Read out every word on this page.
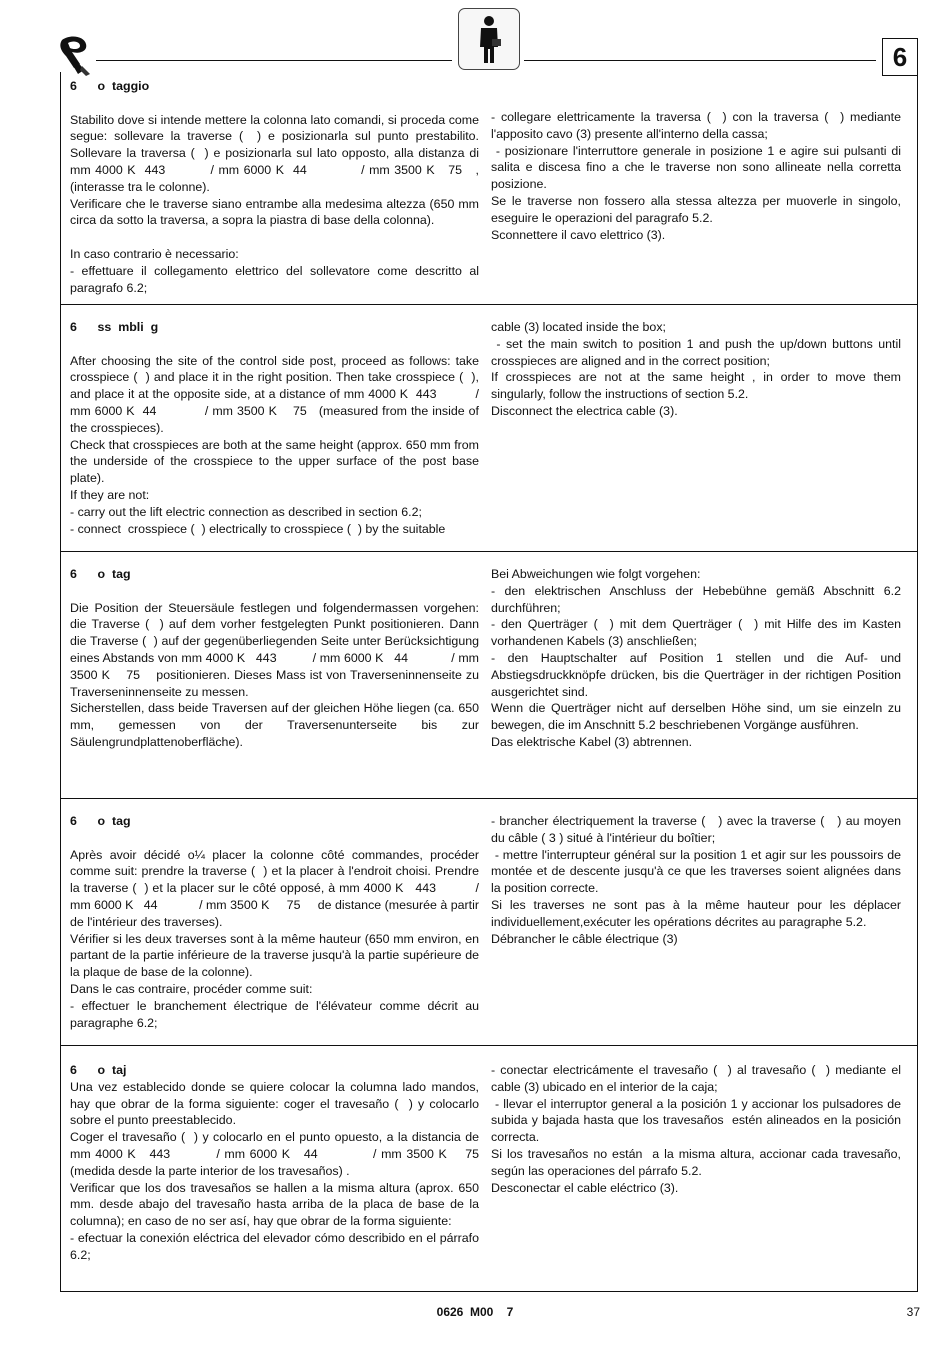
6

6      o  taggio

Stabilito dove si intende mettere la colonna lato comandi, si proceda come segue: sollevare la traverse (  ) e posizionarla sul punto prestabilito. Sollevare la traversa (  ) e posizionarla sul lato opposto, alla distanza di mm 4000 K  443          / mm 6000 K  44            / mm 3500 K   75   , (interasse tra le colonne).

Verificare che le traverse siano entrambe alla medesima altezza (650 mm circa da sotto la traversa, a sopra la piastra di base della colonna).

In caso contrario è necessario:

- effettuare il collegamento elettrico del sollevatore come descritto al paragrafo 6.2;

- collegare elettricamente la traversa (  ) con la traversa (  ) mediante l'apposito cavo (3) presente all'interno della cassa;

- posizionare l'interruttore generale in posizione 1 e agire sui pulsanti di salita e discesa fino a che le traverse non sono allineate nella corretta posizione.

Se le traverse non fossero alla stessa altezza per muoverle in singolo, eseguire le operazioni del paragrafo 5.2.

Sconnettere il cavo elettrico (3).

6      ss  mbli  g

After choosing the site of the control side post, proceed as follows: take crosspiece (  ) and place it in the right position. Then take crosspiece (  ), and place it at the opposite side, at a distance of mm 4000 K  443          / mm 6000 K  44            / mm 3500 K    75   (measured from the inside of the crosspieces).

Check that crosspieces are both at the same height (approx. 650 mm from the underside of the crosspiece to the upper surface of the post base plate).

If they are not:

- carry out the lift electric connection as described in section 6.2;

- connect  crosspiece (  ) electrically to crosspiece (  ) by the suitable

cable (3) located inside the box;

- set the main switch to position 1 and push the up/down buttons until crosspieces are aligned and in the correct position;

If crosspieces are not at the same height , in order to move them singularly, follow the instructions of section 5.2.

Disconnect the electrica cable (3).

6      o  tag

Die Position der Steuersäule festlegen und folgendermassen vorgehen: die Traverse (  ) auf dem vorher festgelegten Punkt positionieren. Dann die Traverse (  ) auf der gegenüberliegenden Seite unter Berücksichtigung eines Abstands von mm 4000 K   443          / mm 6000 K   44            / mm 3500 K    75    positionieren. Dieses Mass ist von Traverseninnenseite zu Traverseninnenseite zu messen.

Sicherstellen, dass beide Traversen auf der gleichen Höhe liegen (ca. 650 mm, gemessen von der Traversenunterseite bis zur Säulengrundplattenoberfläche).

Bei Abweichungen wie folgt vorgehen:

- den elektrischen Anschluss der Hebebühne gemäß Abschnitt 6.2 durchführen;

- den Querträger (  ) mit dem Querträger (  ) mit Hilfe des im Kasten vorhandenen Kabels (3) anschließen;

- den Hauptschalter auf Position 1 stellen und die Auf- und Abstiegsdruckknöpfe drücken, bis die Querträger in der richtigen Position ausgerichtet sind.

Wenn die Querträger nicht auf derselben Höhe sind, um sie einzeln zu bewegen, die im Anschnitt 5.2 beschriebenen Vorgänge ausführen.

Das elektrische Kabel (3) abtrennen.

6      o  tag

Après avoir décidé o¼ placer la colonne côté commandes, procéder comme suit: prendre la traverse (  ) et la placer à l'endroit choisi. Prendre la traverse (  ) et la placer sur le côté opposé, à mm 4000 K   443          / mm 6000 K   44            / mm 3500 K     75     de distance (mesurée à partir de l'intérieur des traverses).

Vérifier si les deux traverses sont à la même hauteur (650 mm environ, en partant de la partie inférieure de la traverse jusqu'à la partie supérieure de la plaque de base de la colonne).

Dans le cas contraire, procéder comme suit:

- effectuer le branchement électrique de l'élévateur comme décrit au paragraphe 6.2;

- brancher électriquement la traverse (   ) avec la traverse (   ) au moyen du câble ( 3 ) situé à l'intérieur du boîtier;

- mettre l'interrupteur général sur la position 1 et agir sur les poussoirs de montée et de descente jusqu'à ce que les traverses soient alignées dans la position correcte.

Si les traverses ne sont pas à la même hauteur pour les déplacer individuellement,exécuter les opérations décrites au paragraphe 5.2.

Débrancher le câble électrique (3)

6      o  taj

Una vez establecido donde se quiere colocar la columna lado mandos, hay que obrar de la forma siguiente: coger el travesaño (  ) y colocarlo sobre el punto preestablecido.

Coger el travesaño (  ) y colocarlo en el punto opuesto, a la distancia de mm 4000 K   443          / mm 6000 K   44            / mm 3500 K    75    (medida desde la parte interior de los travesaños) .

Verificar que los dos travesaños se hallen a la misma altura (aprox. 650 mm. desde abajo del travesaño hasta arriba de la placa de base de la columna); en caso de no ser así, hay que obrar de la forma siguiente:

- efectuar la conexión eléctrica del elevador cómo describido en el párrafo 6.2;

- conectar electricámente el travesaño (  ) al travesaño (  ) mediante el cable (3) ubicado en el interior de la caja;

- llevar el interruptor general a la posición 1 y accionar los pulsadores de subida y bajada hasta que los travesaños  estén alineados en la posición correcta.

Si los travesaños no están  a la misma altura, accionar cada travesaño, según las operaciones del párrafo 5.2.

Desconectar el cable eléctrico (3).

0626  M00    7	37
